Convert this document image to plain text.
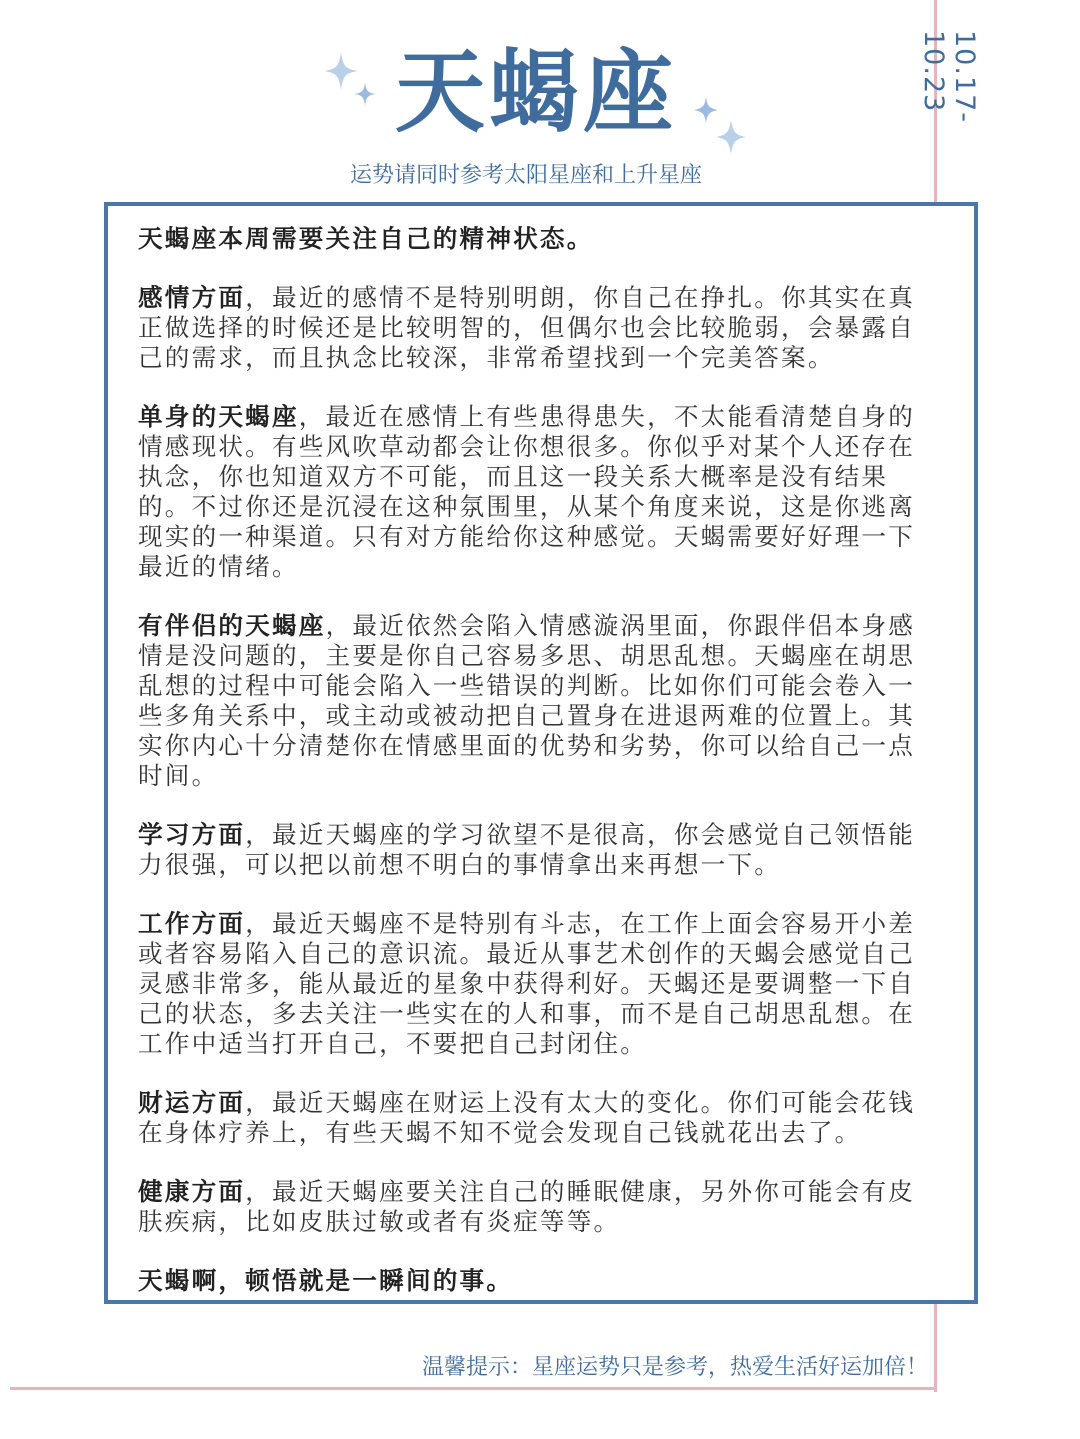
10.17-10.23
天蝎座
运势请同时参考太阳星座和上升星座

天蝎座本周需要关注自己的精神状态。

感情方面，最近的感情不是特别明朗，你自己在挣扎。你其实在真正做选择的时候还是比较明智的，但偶尔也会比较脆弱，会暴露自己的需求，而且执念比较深，非常希望找到一个完美答案。

单身的天蝎座，最近在感情上有些患得患失，不太能看清楚自身的情感现状。有些风吹草动都会让你想很多。你似乎对某个人还存在执念，你也知道双方不可能，而且这一段关系大概率是没有结果的。不过你还是沉浸在这种氛围里，从某个角度来说，这是你逃离现实的一种渠道。只有对方能给你这种感觉。天蝎需要好好理一下最近的情绪。

有伴侣的天蝎座，最近依然会陷入情感漩涡里面，你跟伴侣本身感情是没问题的，主要是你自己容易多思、胡思乱想。天蝎座在胡思乱想的过程中可能会陷入一些错误的判断。比如你们可能会卷入一些多角关系中，或主动或被动把自己置身在进退两难的位置上。其实你内心十分清楚你在情感里面的优势和劣势，你可以给自己一点时间。

学习方面，最近天蝎座的学习欲望不是很高，你会感觉自己领悟能力很强，可以把以前想不明白的事情拿出来再想一下。

工作方面，最近天蝎座不是特别有斗志，在工作上面会容易开小差或者容易陷入自己的意识流。最近从事艺术创作的天蝎会感觉自己灵感非常多，能从最近的星象中获得利好。天蝎还是要调整一下自己的状态，多去关注一些实在的人和事，而不是自己胡思乱想。在工作中适当打开自己，不要把自己封闭住。

财运方面，最近天蝎座在财运上没有太大的变化。你们可能会花钱在身体疗养上，有些天蝎不知不觉会发现自己钱就花出去了。

健康方面，最近天蝎座要关注自己的睡眠健康，另外你可能会有皮肤疾病，比如皮肤过敏或者有炎症等等。

天蝎啊，顿悟就是一瞬间的事。

温馨提示：星座运势只是参考，热爱生活好运加倍！
